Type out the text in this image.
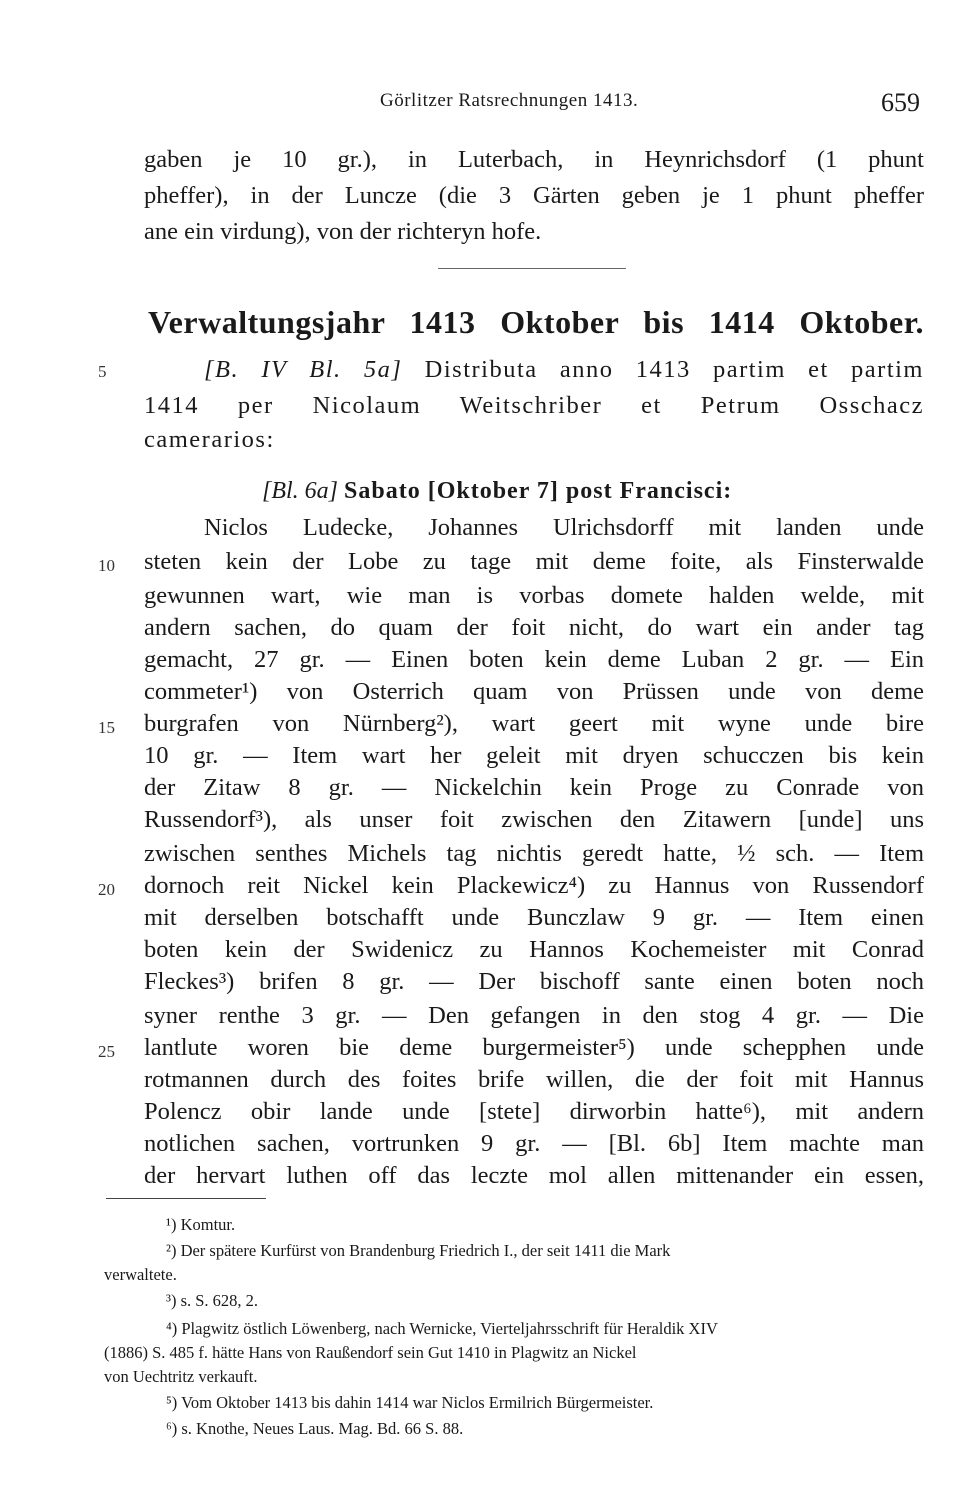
Görlitzer Ratsrechnungen 1413.	659
gaben je 10 gr.), in Luterbach, in Heynrichsdorf (1 phunt
pheffer), in der Luncze (die 3 Gärten geben je 1 phunt pheffer
ane ein virdung), von der richteryn hofe.
Verwaltungsjahr 1413 Oktober bis 1414 Oktober.
5	[B. IV Bl. 5a] Distributa anno 1413 partim et partim
1414 per Nicolaum Weitschriber et Petrum Osschacz
camerarios:
[Bl. 6a] Sabato [Oktober 7] post Francisci:
10
15
20
25
Niclos Ludecke, Johannes Ulrichsdorff mit landen unde
steten kein der Lobe zu tage mit deme foite, als Finsterwalde
gewunnen wart, wie man is vorbas domete halden welde, mit
andern sachen, do quam der foit nicht, do wart ein ander tag
gemacht, 27 gr. — Einen boten kein deme Luban 2 gr. — Ein
commeter¹) von Osterrich quam von Prüssen unde von deme
burgrafen von Nürnberg²), wart geert mit wyne unde bire
10 gr. — Item wart her geleit mit dryen schucczen bis kein
der Zitaw 8 gr. — Nickelchin kein Proge zu Conrade von
Russendorf³), als unser foit zwischen den Zitawern [unde] uns
zwischen senthes Michels tag nichtis geredt hatte, ½ sch. — Item
dornoch reit Nickel kein Plackewicz⁴) zu Hannus von Russendorf
mit derselben botschafft unde Bunczlaw 9 gr. — Item einen
boten kein der Swidenicz zu Hannos Kochemeister mit Conrad
Fleckes³) brifen 8 gr. — Der bischoff sante einen boten noch
syner renthe 3 gr. — Den gefangen in den stog 4 gr. — Die
lantlute woren bie deme burgermeister⁵) unde schepphen unde
rotmannen durch des foites brife willen, die der foit mit Hannus
Polencz obir lande unde [stete] dirworbin hatte⁶), mit andern
notlichen sachen, vortrunken 9 gr. — [Bl. 6b] Item machte man
der hervart luthen off das leczte mol allen mittenander ein essen,
¹) Komtur.
²) Der spätere Kurfürst von Brandenburg Friedrich I., der seit 1411 die Mark
verwaltete.
³) s. S. 628, 2.
⁴) Plagwitz östlich Löwenberg, nach Wernicke, Vierteljahrsschrift für Heraldik XIV
(1886) S. 485 f. hätte Hans von Raußendorf sein Gut 1410 in Plagwitz an Nickel
von Uechtritz verkauft.
⁵) Vom Oktober 1413 bis dahin 1414 war Niclos Ermilrich Bürgermeister.
⁶) s. Knothe, Neues Laus. Mag. Bd. 66 S. 88.
